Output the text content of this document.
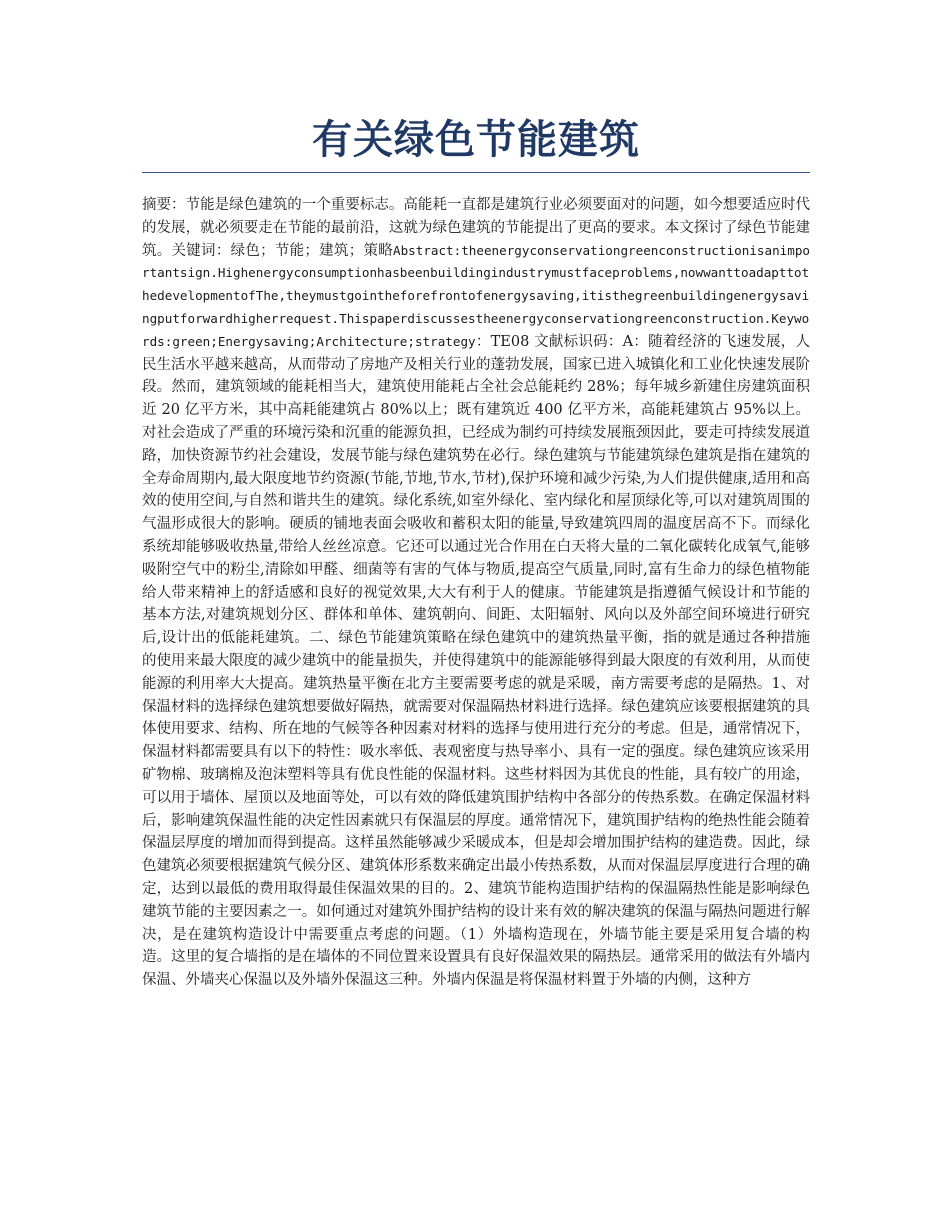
有关绿色节能建筑
摘要：节能是绿色建筑的一个重要标志。高能耗一直都是建筑行业必须要面对的问题，如今想要适应时代的发展，就必须要走在节能的最前沿，这就为绿色建筑的节能提出了更高的要求。本文探讨了绿色节能建筑。关键词：绿色；节能；建筑；策略Abstract:theenergyconservationgreenconstructionisanimportantsign.Highenergyconsumptionhasbeenbuildingindustrymustfaceproblems,nowwanttoadapttothedevelopmentofThe,theymustgointheforefrontofenergysaving,itisthegreenbuildingenergysavingputforwardhigherrequest.Thispaperdiscussestheenergyconservationgreenconstruction.Keywords:green;Energysaving;Architecture;strategy：TE08 文献标识码：A：随着经济的飞速发展，人民生活水平越来越高，从而带动了房地产及相关行业的蓬勃发展，国家已进入城镇化和工业化快速发展阶段。然而，建筑领域的能耗相当大，建筑使用能耗占全社会总能耗约 28%；每年城乡新建住房建筑面积近 20 亿平方米，其中高耗能建筑占 80%以上；既有建筑近 400 亿平方米，高能耗建筑占 95%以上。对社会造成了严重的环境污染和沉重的能源负担，已经成为制约可持续发展瓶颈因此，要走可持续发展道路，加快资源节约社会建设，发展节能与绿色建筑势在必行。绿色建筑与节能建筑绿色建筑是指在建筑的全寿命周期内,最大限度地节约资源(节能,节地,节水,节材),保护环境和减少污染,为人们提供健康,适用和高效的使用空间,与自然和谐共生的建筑。绿化系统,如室外绿化、室内绿化和屋顶绿化等,可以对建筑周围的气温形成很大的影响。硬质的铺地表面会吸收和蓄积太阳的能量,导致建筑四周的温度居高不下。而绿化系统却能够吸收热量,带给人丝丝凉意。它还可以通过光合作用在白天将大量的二氧化碳转化成氧气,能够吸附空气中的粉尘,清除如甲醛、细菌等有害的气体与物质,提高空气质量,同时,富有生命力的绿色植物能给人带来精神上的舒适感和良好的视觉效果,大大有利于人的健康。节能建筑是指遵循气候设计和节能的基本方法,对建筑规划分区、群体和单体、建筑朝向、间距、太阳辐射、风向以及外部空间环境进行研究后,设计出的低能耗建筑。二、绿色节能建筑策略在绿色建筑中的建筑热量平衡，指的就是通过各种措施的使用来最大限度的减少建筑中的能量损失，并使得建筑中的能源能够得到最大限度的有效利用，从而使能源的利用率大大提高。建筑热量平衡在北方主要需要考虑的就是采暖，南方需要考虑的是隔热。1、对保温材料的选择绿色建筑想要做好隔热，就需要对保温隔热材料进行选择。绿色建筑应该要根据建筑的具体使用要求、结构、所在地的气候等各种因素对材料的选择与使用进行充分的考虑。但是，通常情况下，保温材料都需要具有以下的特性：吸水率低、表观密度与热导率小、具有一定的强度。绿色建筑应该采用矿物棉、玻璃棉及泡沫塑料等具有优良性能的保温材料。这些材料因为其优良的性能，具有较广的用途，可以用于墙体、屋顶以及地面等处，可以有效的降低建筑围护结构中各部分的传热系数。在确定保温材料后，影响建筑保温性能的决定性因素就只有保温层的厚度。通常情况下，建筑围护结构的绝热性能会随着保温层厚度的增加而得到提高。这样虽然能够减少采暖成本，但是却会增加围护结构的建造费。因此，绿色建筑必须要根据建筑气候分区、建筑体形系数来确定出最小传热系数，从而对保温层厚度进行合理的确定，达到以最低的费用取得最佳保温效果的目的。2、建筑节能构造围护结构的保温隔热性能是影响绿色建筑节能的主要因素之一。如何通过对建筑外围护结构的设计来有效的解决建筑的保温与隔热问题进行解决，是在建筑构造设计中需要重点考虑的问题。（1）外墙构造现在，外墙节能主要是采用复合墙的构造。这里的复合墙指的是在墙体的不同位置来设置具有良好保温效果的隔热层。通常采用的做法有外墙内保温、外墙夹心保温以及外墙外保温这三种。外墙内保温是将保温材料置于外墙的内侧，这种方
